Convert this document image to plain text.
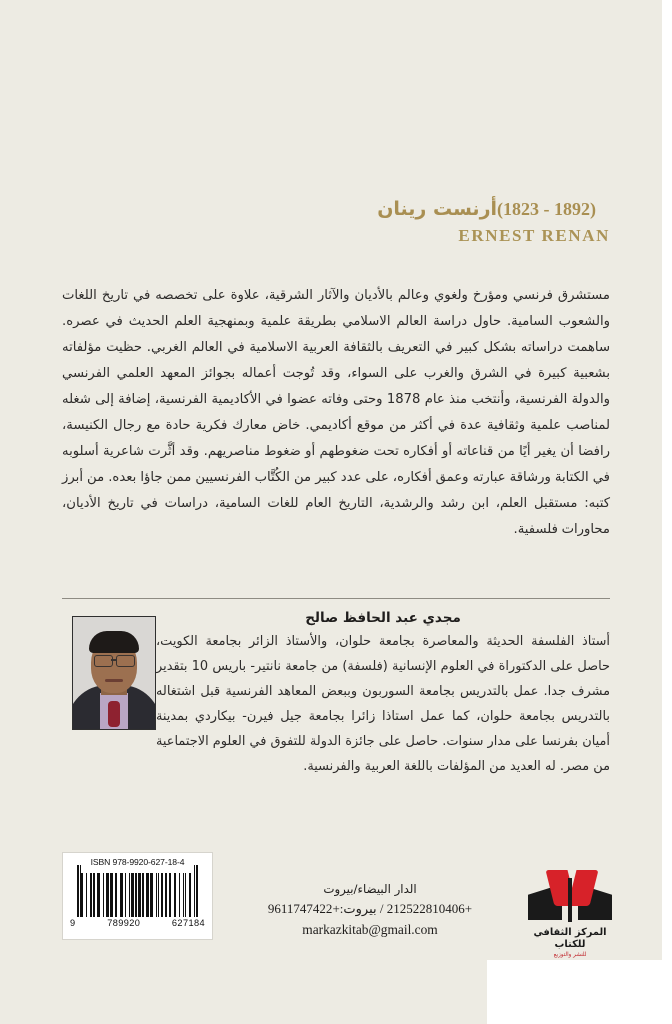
(1823 - 1892)أرنست رينان
ERNEST RENAN
مستشرق فرنسي ومؤرخ ولغوي وعالم بالأديان والآثار الشرقية، علاوة على تخصصه في تاريخ اللغات والشعوب السامية. حاول دراسة العالم الاسلامي بطريقة علمية وبمنهجية العلم الحديث في عصره. ساهمت دراساته بشكل كبير في التعريف بالثقافة العربية الاسلامية في العالم الغربي. حظيت مؤلفاته بشعبية كبيرة في الشرق والغرب على السواء، وقد تُوجت أعماله بجوائز المعهد العلمي الفرنسي والدولة الفرنسية، وأنتخب منذ عام 1878 وحتى وفاته عضوا في الأكاديمية الفرنسية، إضافة إلى شغله لمناصب علمية وثقافية عدة في أكثر من موقع أكاديمي. خاض معارك فكرية حادة مع رجال الكنيسة، رافضا أن يغير أيًا من قناعاته أو أفكاره تحت ضغوطهم أو ضغوط مناصريهم. وقد أثَّرت شاعرية أسلوبه في الكتابة ورشاقة عبارته وعمق أفكاره، على عدد كبير من الكُتَّاب الفرنسيين ممن جاؤا بعده. من أبرز كتبه: مستقبل العلم، ابن رشد والرشدية، التاريخ العام للغات السامية، دراسات في تاريخ الأديان، محاورات فلسفية.
مجدي عبد الحافظ صالح
أستاذ الفلسفة الحديثة والمعاصرة بجامعة حلوان، والأستاذ الزائر بجامعة الكويت، حاصل على الدكتوراة في العلوم الإنسانية (فلسفة) من جامعة نانتير- باريس 10 بتقدير مشرف جدا. عمل بالتدريس بجامعة السوربون وببعض المعاهد الفرنسية قبل اشتغاله بالتدريس بجامعة حلوان، كما عمل استاذا زائرا بجامعة جيل فيرن- بيكاردي بمدينة أميان بفرنسا على مدار سنوات. حاصل على جائزة الدولة للتفوق في العلوم الاجتماعية من مصر. له العديد من المؤلفات باللغة العربية والفرنسية.
ISBN 978-9920-627-18-4
9	789920	627184
الدار البيضاء/بيروت
+212522810406 / بيروت:+9611747422
markazkitab@gmail.com	المركز الثقافي للكتاب
للنشر والتوزيع
